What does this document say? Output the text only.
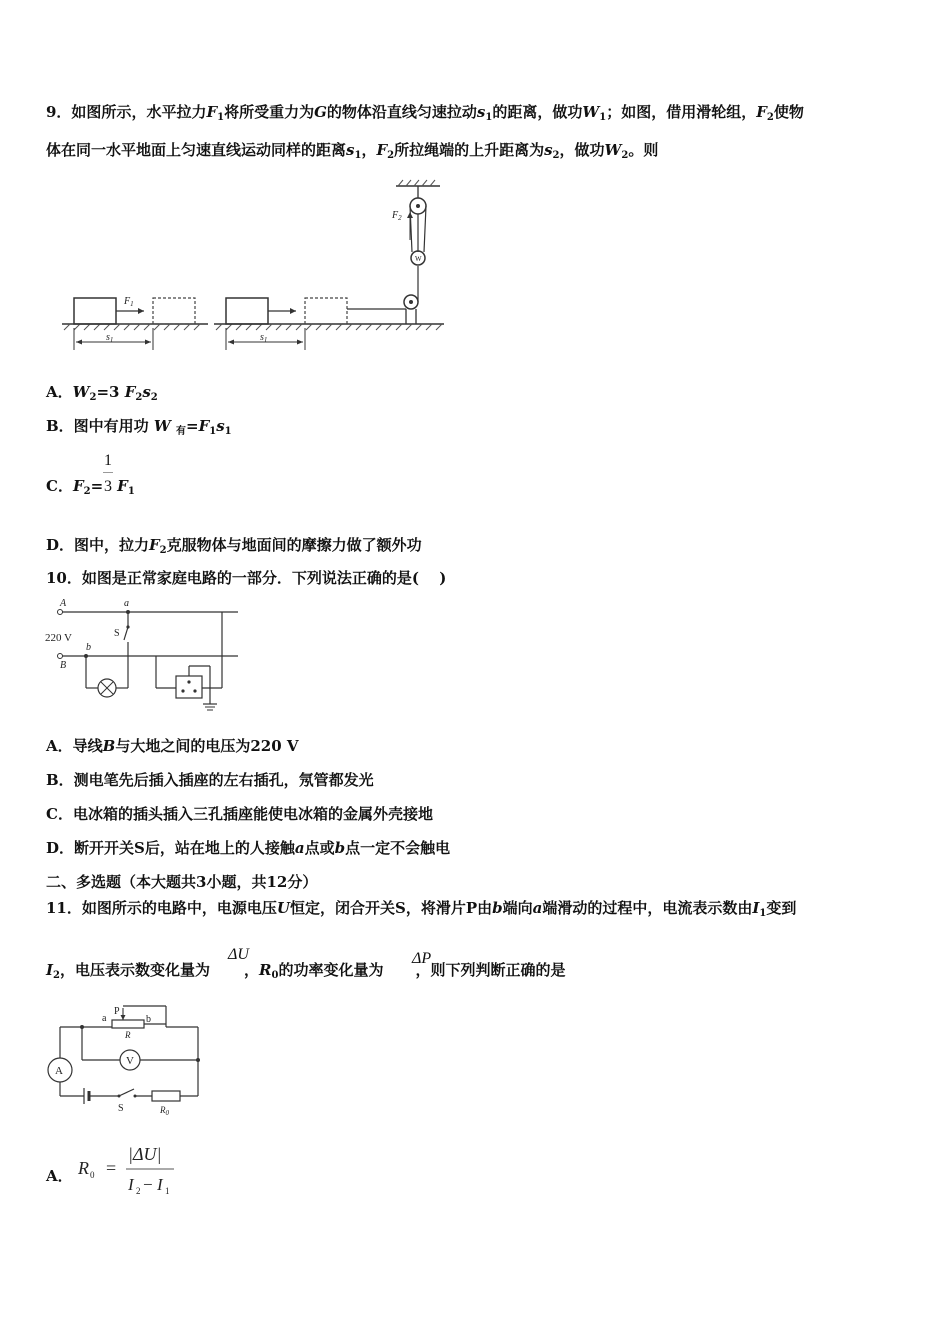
9．如图所示，水平拉力$F_1$将所受重力为G的物体沿直线匀速拉动$s_1$的距离，做功$W_1$；如图，借用滑轮组，$F_2$使物
体在同一水平地面上匀速直线运动同样的距离$s_1$，$F_2$所拉绳端的上升距离为$s_2$，做功$W_2$。则
$F_1$
$s_1$	$s_1$
W
$F_2$
A．$W_2=3$ $F_2s_2$
B．图中有用功 W $_有=F_1s_1$
C．$F_2= F_1$
1
3
D．图中，拉力$F_2$克服物体与地面间的摩擦力做了额外功
10．如图是正常家庭电路的一部分．下列说法正确的是(　 )
A	a
220 V
B
b
S
A．导线B与大地之间的电压为220 V
B．测电笔先后插入插座的左右插孔，氖管都发光
C．电冰箱的插头插入三孔插座能使电冰箱的金属外壳接地
D．断开开关S后，站在地上的人接触a点或b点一定不会触电
二、多选题（本大题共3小题，共12分）
11．如图所示的电路中，电源电压U恒定，闭合开关S，将滑片P由b端向a端滑动的过程中，电流表示数由$I_1$变到
$I_2$，电压表示数变化量为 ，$R_0$的功率变化量为 ，则下列判断正确的是
ΔU	ΔP
a	b
P
R
V
A
S	$R_0$
A． R 0 =
|ΔU|
I 2 − I 1
